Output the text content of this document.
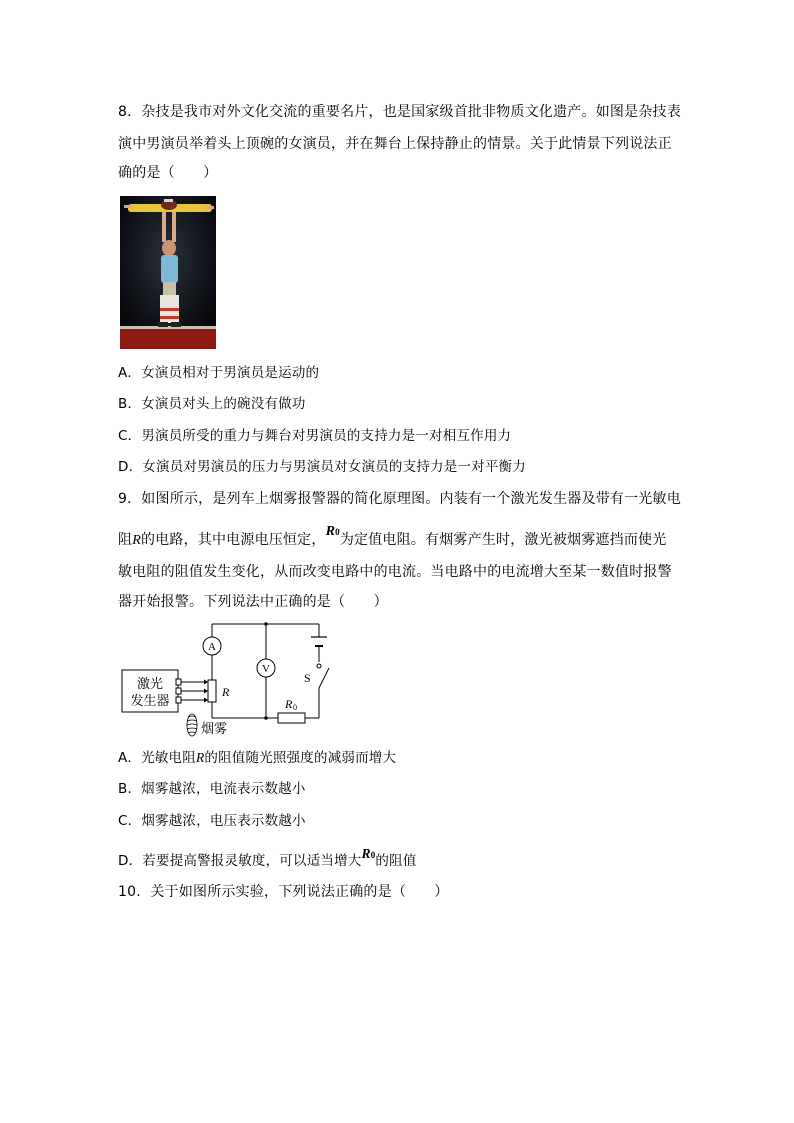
8．杂技是我市对外文化交流的重要名片，也是国家级首批非物质文化遗产。如图是杂技表
演中男演员举着头上顶碗的女演员，并在舞台上保持静止的情景。关于此情景下列说法正
确的是（　　）
A．女演员相对于男演员是运动的
B．女演员对头上的碗没有做功
C．男演员所受的重力与舞台对男演员的支持力是一对相互作用力
D．女演员对男演员的压力与男演员对女演员的支持力是一对平衡力
9．如图所示，是列车上烟雾报警器的简化原理图。内装有一个激光发生器及带有一光敏电
阻R的电路，其中电源电压恒定，R0为定值电阻。有烟雾产生时，激光被烟雾遮挡而使光
敏电阻的阻值发生变化，从而改变电路中的电流。当电路中的电流增大至某一数值时报警
器开始报警。下列说法中正确的是（　　）
A
V
S
R
R 0
激光
发生器
烟雾
A．光敏电阻R的阻值随光照强度的减弱而增大
B．烟雾越浓，电流表示数越小
C．烟雾越浓，电压表示数越小
D．若要提高警报灵敏度，可以适当增大R0的阻值
10．关于如图所示实验，下列说法正确的是（　　）
